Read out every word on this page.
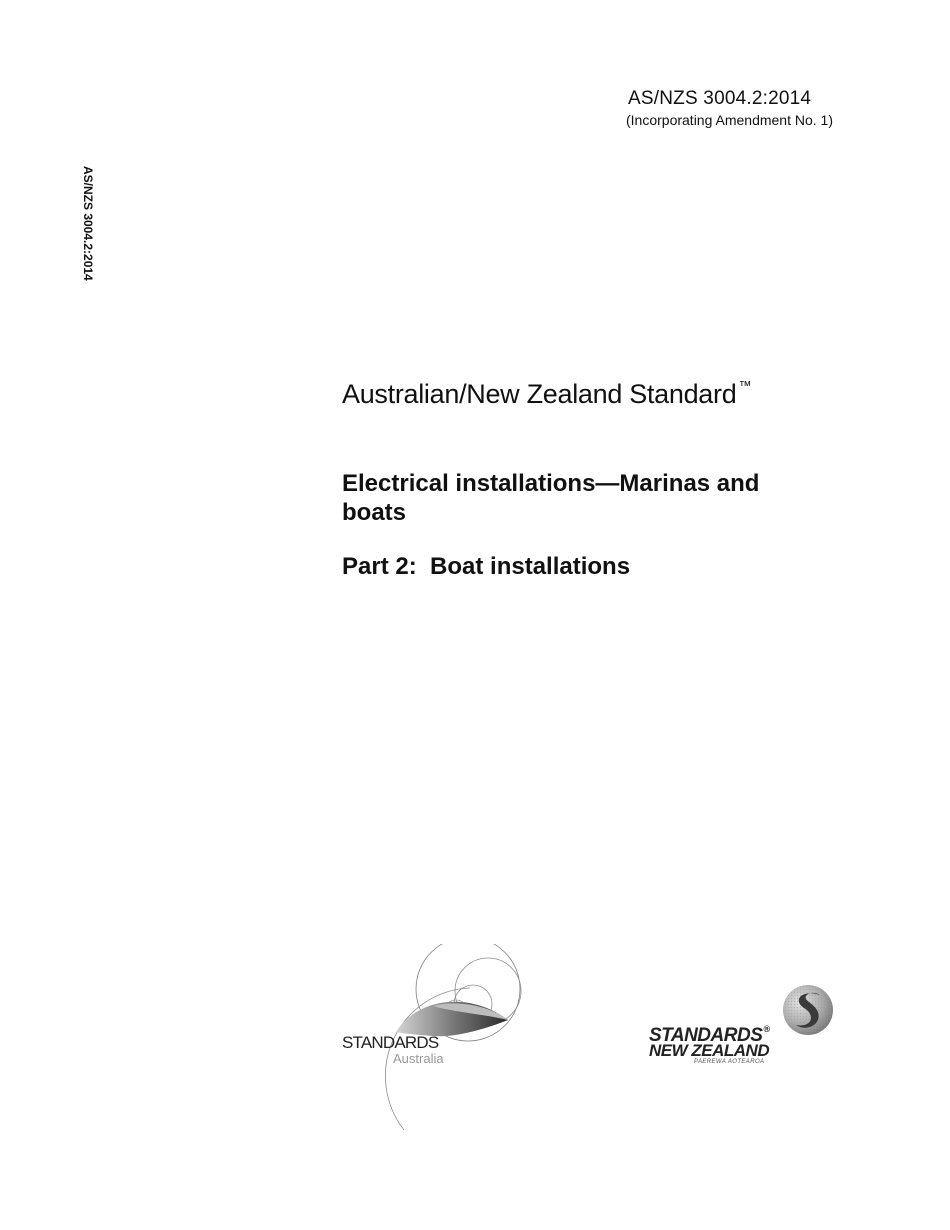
AS/NZS 3004.2:2014
(Incorporating Amendment No. 1)
AS/NZS 3004.2:2014
Australian/New Zealand Standard ™
Electrical installations—Marinas and boats
Part 2:  Boat installations
STANDARDS
Australia
STANDARDS®
NEW ZEALAND
PAEREWA AOTEAROA
